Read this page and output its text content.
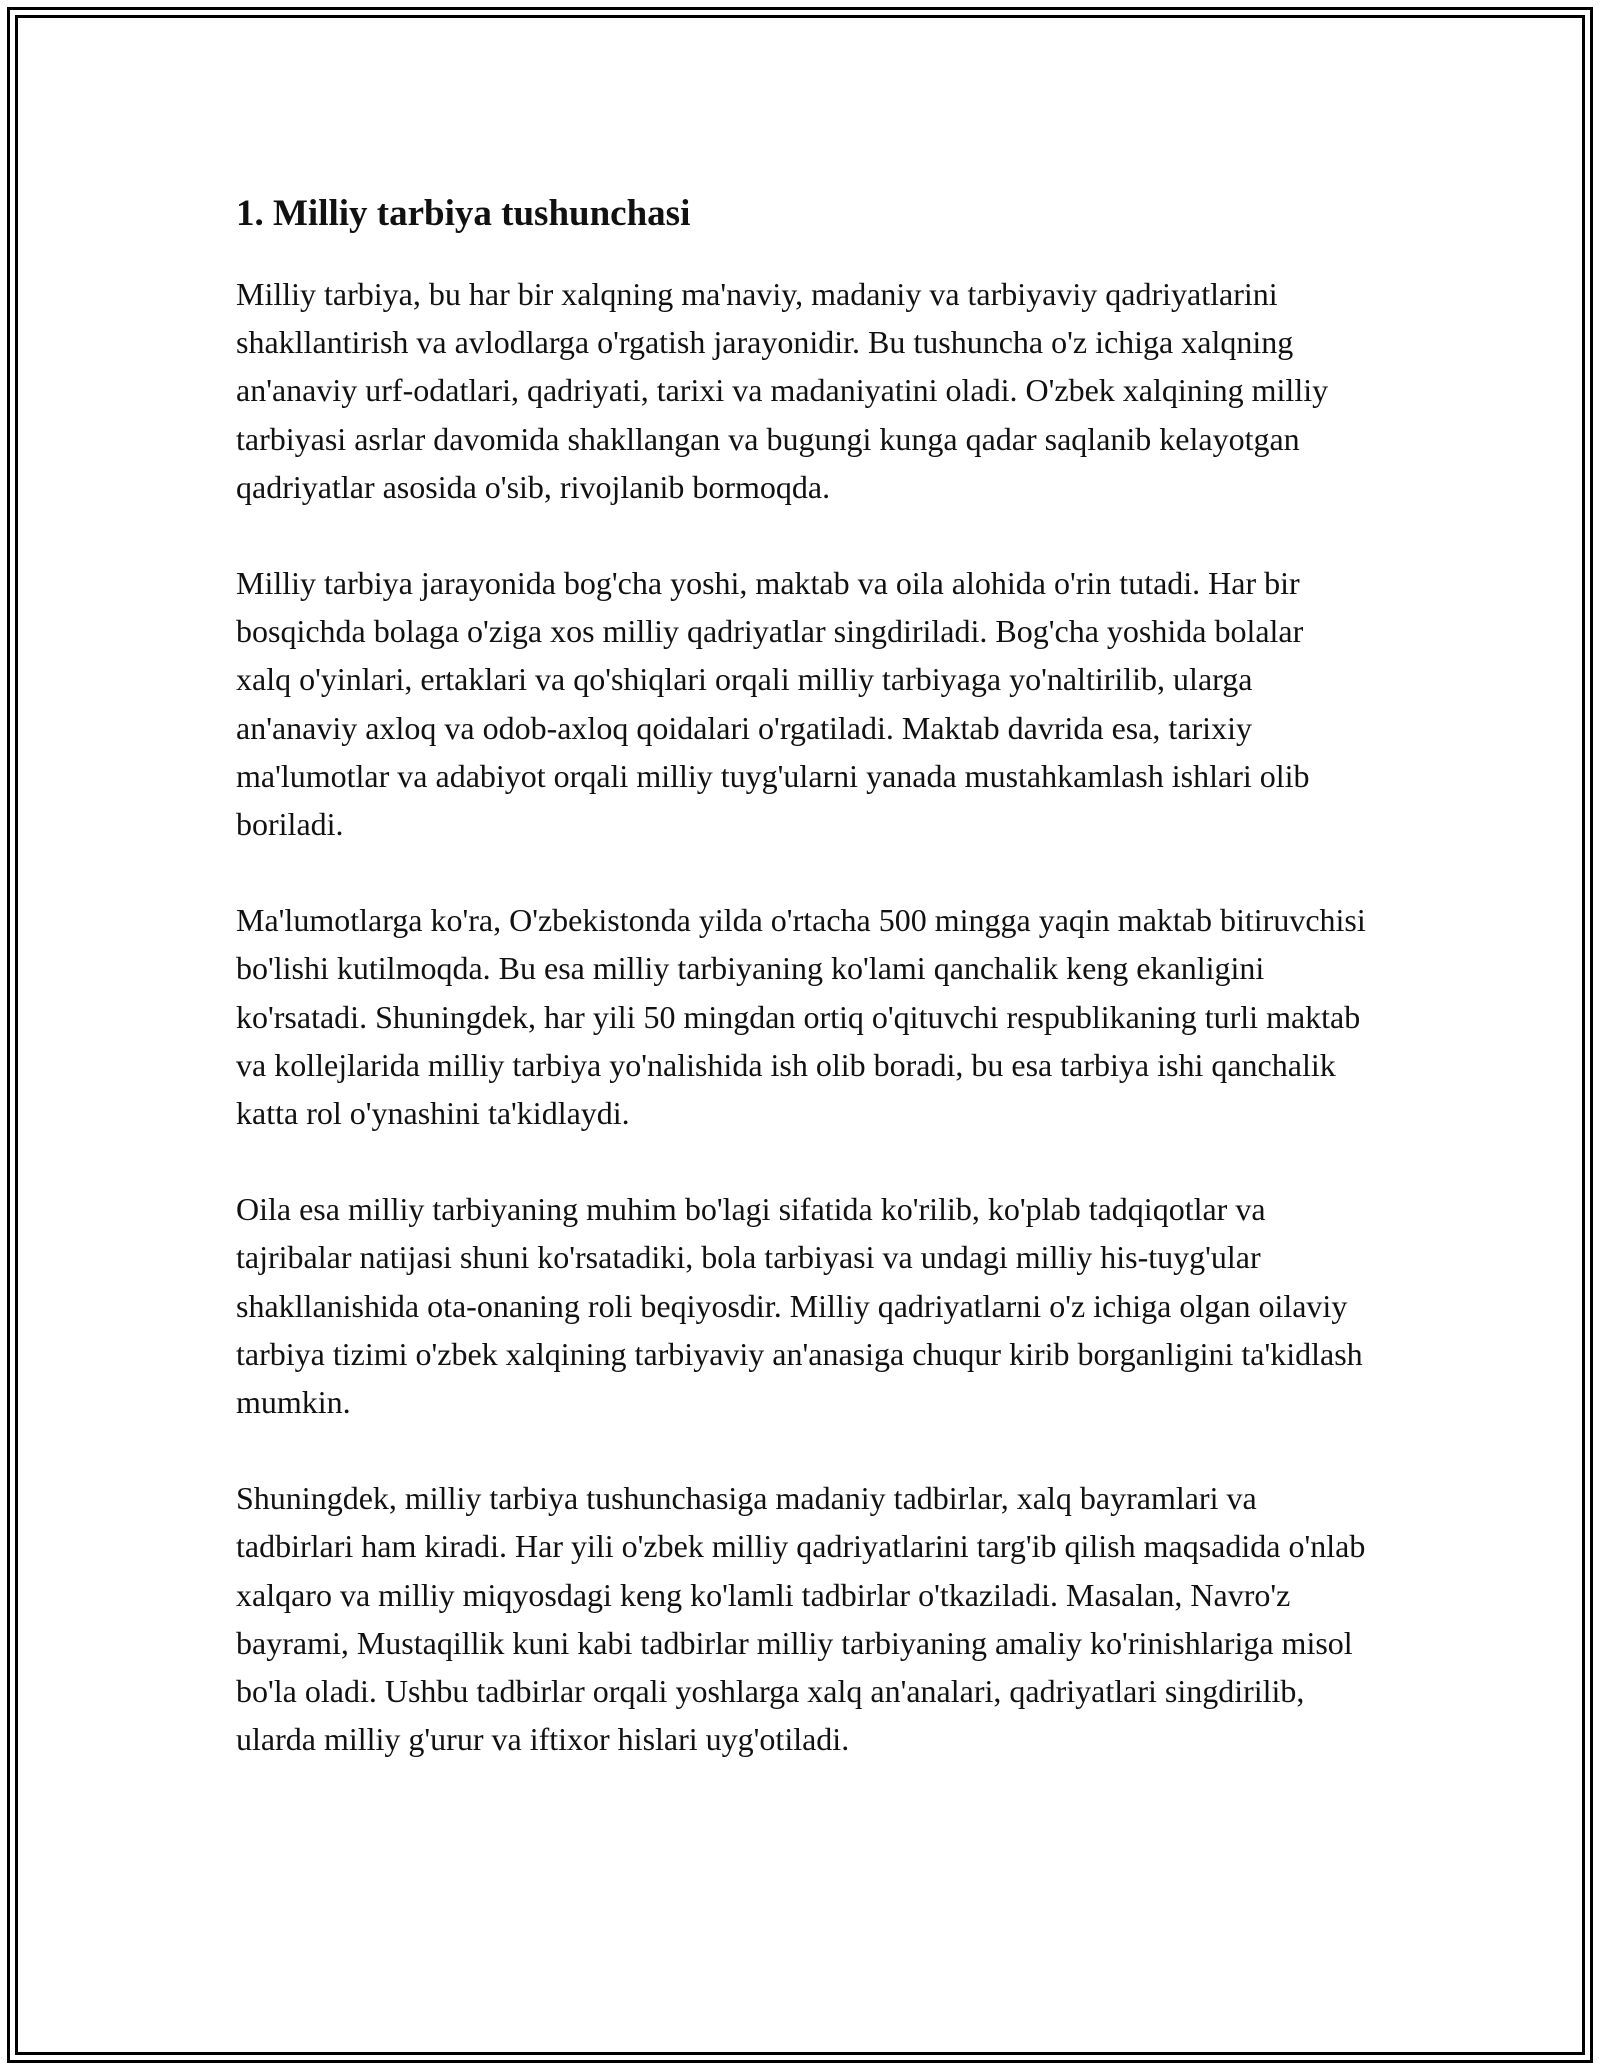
1. Milliy tarbiya tushunchasi

Milliy tarbiya, bu har bir xalqning ma'naviy, madaniy va tarbiyaviy qadriyatlarini shakllantirish va avlodlarga o'rgatish jarayonidir. Bu tushuncha o'z ichiga xalqning an'anaviy urf-odatlari, qadriyati, tarixi va madaniyatini oladi. O'zbek xalqining milliy tarbiyasi asrlar davomida shakllangan va bugungi kunga qadar saqlanib kelayotgan qadriyatlar asosida o'sib, rivojlanib bormoqda.

Milliy tarbiya jarayonida bog'cha yoshi, maktab va oila alohida o'rin tutadi. Har bir bosqichda bolaga o'ziga xos milliy qadriyatlar singdiriladi. Bog'cha yoshida bolalar xalq o'yinlari, ertaklari va qo'shiqlari orqali milliy tarbiyaga yo'naltirilib, ularga an'anaviy axloq va odob-axloq qoidalari o'rgatiladi. Maktab davrida esa, tarixiy ma'lumotlar va adabiyot orqali milliy tuyg'ularni yanada mustahkamlash ishlari olib boriladi.

Ma'lumotlarga ko'ra, O'zbekistonda yilda o'rtacha 500 mingga yaqin maktab bitiruvchisi bo'lishi kutilmoqda. Bu esa milliy tarbiyaning ko'lami qanchalik keng ekanligini ko'rsatadi. Shuningdek, har yili 50 mingdan ortiq o'qituvchi respublikaning turli maktab va kollejlarida milliy tarbiya yo'nalishida ish olib boradi, bu esa tarbiya ishi qanchalik katta rol o'ynashini ta'kidlaydi.

Oila esa milliy tarbiyaning muhim bo'lagi sifatida ko'rilib, ko'plab tadqiqotlar va tajribalar natijasi shuni ko'rsatadiki, bola tarbiyasi va undagi milliy his-tuyg'ular shakllanishida ota-onaning roli beqiyosdir. Milliy qadriyatlarni o'z ichiga olgan oilaviy tarbiya tizimi o'zbek xalqining tarbiyaviy an'anasiga chuqur kirib borganligini ta'kidlash mumkin.

Shuningdek, milliy tarbiya tushunchasiga madaniy tadbirlar, xalq bayramlari va tadbirlari ham kiradi. Har yili o'zbek milliy qadriyatlarini targ'ib qilish maqsadida o'nlab xalqaro va milliy miqyosdagi keng ko'lamli tadbirlar o'tkaziladi. Masalan, Navro'z bayrami, Mustaqillik kuni kabi tadbirlar milliy tarbiyaning amaliy ko'rinishlariga misol bo'la oladi. Ushbu tadbirlar orqali yoshlarga xalq an'analari, qadriyatlari singdirilib, ularda milliy g'urur va iftixor hislari uyg'otiladi.
